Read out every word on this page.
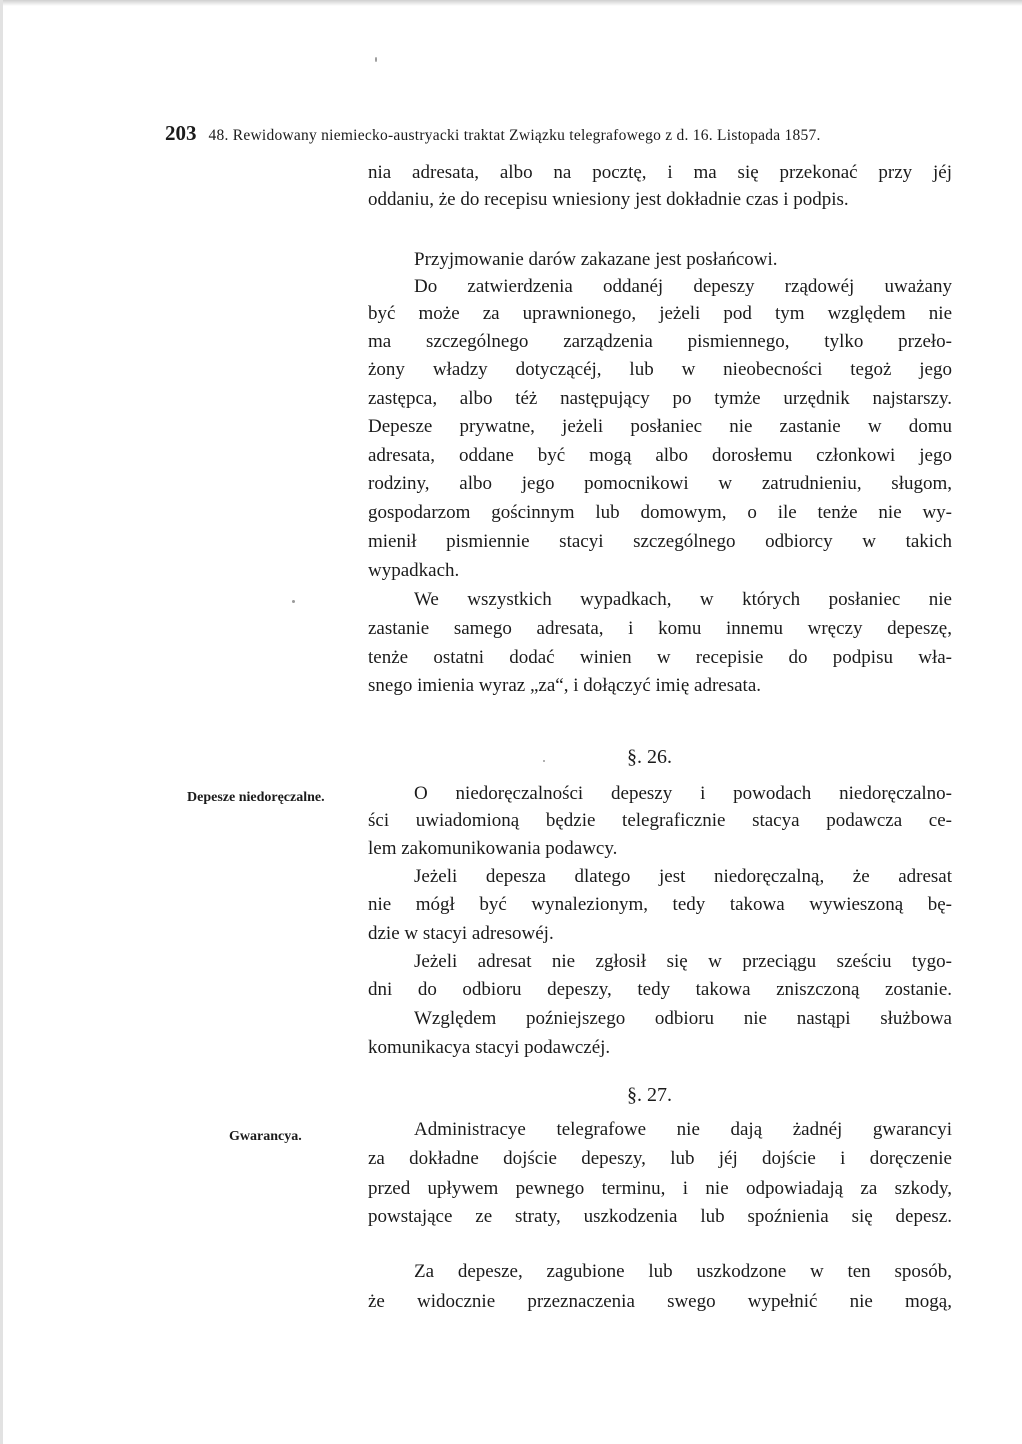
203 48. Rewidowany niemiecko-austryacki traktat Związku telegrafowego z d. 16. Listopada 1857.
nia adresata, albo na pocztę, i ma się przekonać przy jéj
oddaniu, że do recepisu wniesiony jest dokładnie czas i podpis.
Przyjmowanie darów zakazane jest posłańcowi.
Do zatwierdzenia oddanéj depeszy rządowéj uważany
być może za uprawnionego, jeżeli pod tym względem nie
ma szczególnego zarządzenia pismiennego, tylko przeło-
żony władzy dotyczącéj, lub w nieobecności tegoż jego
zastępca, albo téż następujący po tymże urzędnik najstarszy.
Depesze prywatne, jeżeli posłaniec nie zastanie w domu
adresata, oddane być mogą albo dorosłemu członkowi jego
rodziny, albo jego pomocnikowi w zatrudnieniu, sługom,
gospodarzom gościnnym lub domowym, o ile tenże nie wy-
mienił pismiennie stacyi szczególnego odbiorcy w takich
wypadkach.
We wszystkich wypadkach, w których posłaniec nie
zastanie samego adresata, i komu innemu wręczy depeszę,
tenże ostatni dodać winien w recepisie do podpisu wła-
snego imienia wyraz „za“, i dołączyć imię adresata.
O niedoręczalności depeszy i powodach niedoręczalno-
ści uwiadomioną będzie telegraficznie stacya podawcza ce-
lem zakomunikowania podawcy.
Jeżeli depesza dlatego jest niedoręczalną, że adresat
nie mógł być wynalezionym, tedy takowa wywieszoną bę-
dzie w stacyi adresowéj.
Jeżeli adresat nie zgłosił się w przeciągu sześciu tygo-
dni do odbioru depeszy, tedy takowa zniszczoną zostanie.
Względem poźniejszego odbioru nie nastąpi służbowa
komunikacya stacyi podawczéj.
Administracye telegrafowe nie dają żadnéj gwarancyi
za dokładne dojście depeszy, lub jéj dojście i doręczenie
przed upływem pewnego terminu, i nie odpowiadają za szkody,
powstające ze straty, uszkodzenia lub spoźnienia się depesz.
Za depesze, zagubione lub uszkodzone w ten sposób,
że widocznie przeznaczenia swego wypełnić nie mogą,
§. 26.
Depesze niedoręczalne.
§. 27.
Gwarancya.
